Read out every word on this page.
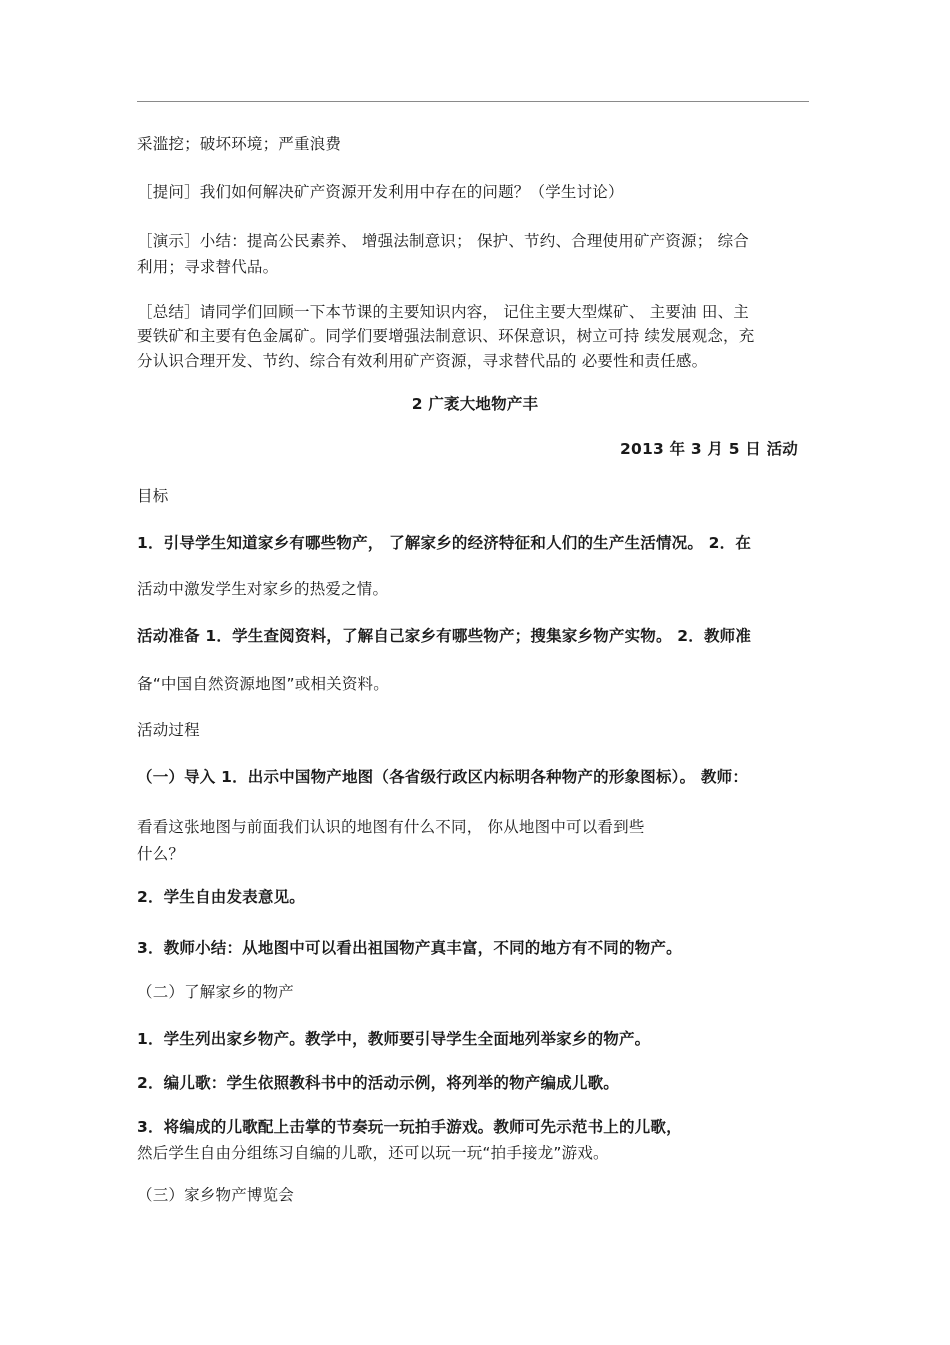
采滥挖；破坏环境；严重浪费
［提问］我们如何解决矿产资源开发利用中存在的问题？（学生讨论）
［演示］小结：提高公民素养、 增强法制意识； 保护、节约、合理使用矿产资源； 综合
利用；寻求替代品。
［总结］请同学们回顾一下本节课的主要知识内容， 记住主要大型煤矿、 主要油 田、主
要铁矿和主要有色金属矿。同学们要增强法制意识、环保意识，树立可持 续发展观念，充
分认识合理开发、节约、综合有效利用矿产资源，寻求替代品的 必要性和责任感。
2 广袤大地物产丰
2013 年 3 月 5 日 活动
目标
1．引导学生知道家乡有哪些物产， 了解家乡的经济特征和人们的生产生活情况。 2．在
活动中激发学生对家乡的热爱之情。
活动准备 1．学生查阅资料，了解自己家乡有哪些物产；搜集家乡物产实物。 2．教师准
备“中国自然资源地图”或相关资料。
活动过程
（一）导入 1．出示中国物产地图（各省级行政区内标明各种物产的形象图标）。 教师：
看看这张地图与前面我们认识的地图有什么不同， 你从地图中可以看到些
什么？
2．学生自由发表意见。
3．教师小结：从地图中可以看出祖国物产真丰富，不同的地方有不同的物产。
（二）了解家乡的物产
1．学生列出家乡物产。教学中，教师要引导学生全面地列举家乡的物产。
2．编儿歌：学生依照教科书中的活动示例，将列举的物产编成儿歌。
3．将编成的儿歌配上击掌的节奏玩一玩拍手游戏。教师可先示范书上的儿歌，
然后学生自由分组练习自编的儿歌，还可以玩一玩“拍手接龙”游戏。
（三）家乡物产博览会
